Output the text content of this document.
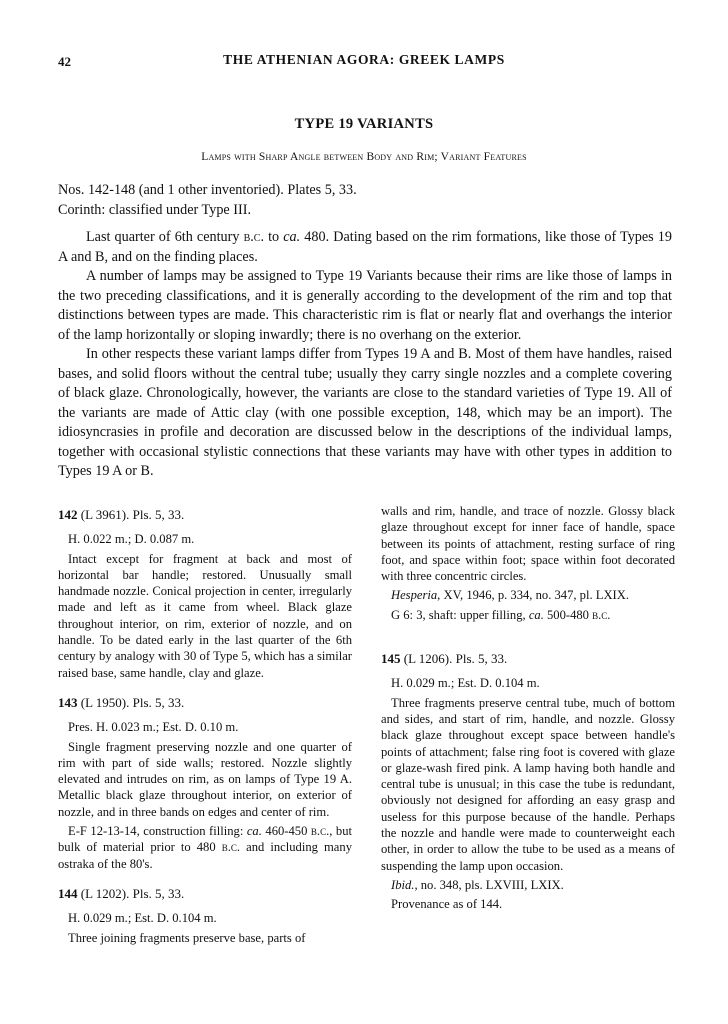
42	THE ATHENIAN AGORA: GREEK LAMPS
TYPE 19 VARIANTS
Lamps with Sharp Angle between Body and Rim; Variant Features

Nos. 142-148 (and 1 other inventoried). Plates 5, 33.

Corinth: classified under Type III.

Last quarter of 6th century b.c. to ca. 480. Dating based on the rim formations, like those of Types 19 A and B, and on the finding places.

A number of lamps may be assigned to Type 19 Variants because their rims are like those of lamps in the two preceding classifications, and it is generally according to the development of the rim and top that distinctions between types are made. This characteristic rim is flat or nearly flat and overhangs the interior of the lamp horizontally or sloping inwardly; there is no overhang on the exterior.

In other respects these variant lamps differ from Types 19 A and B. Most of them have handles, raised bases, and solid floors without the central tube; usually they carry single nozzles and a complete covering of black glaze. Chronologically, however, the variants are close to the standard varieties of Type 19. All of the variants are made of Attic clay (with one possible exception, 148, which may be an import). The idiosyncrasies in profile and decoration are discussed below in the descriptions of the individual lamps, together with occasional stylistic connections that these variants may have with other types in addition to Types 19 A or B.

142 (L 3961). Pls. 5, 33.

H. 0.022 m.; D. 0.087 m.

Intact except for fragment at back and most of horizontal bar handle; restored. Unusually small handmade nozzle. Conical projection in center, irregularly made and left as it came from wheel. Black glaze throughout interior, on rim, exterior of nozzle, and on handle. To be dated early in the last quarter of the 6th century by analogy with 30 of Type 5, which has a similar raised base, same handle, clay and glaze.

143 (L 1950). Pls. 5, 33.

Pres. H. 0.023 m.; Est. D. 0.10 m.

Single fragment preserving nozzle and one quarter of rim with part of side walls; restored. Nozzle slightly elevated and intrudes on rim, as on lamps of Type 19 A. Metallic black glaze throughout interior, on exterior of nozzle, and in three bands on edges and center of rim.

E-F 12-13-14, construction filling: ca. 460-450 b.c., but bulk of material prior to 480 b.c. and including many ostraka of the 80's.

144 (L 1202). Pls. 5, 33.

H. 0.029 m.; Est. D. 0.104 m.

Three joining fragments preserve base, parts of

walls and rim, handle, and trace of nozzle. Glossy black glaze throughout except for inner face of handle, space between its points of attachment, resting surface of ring foot, and space within foot; space within foot decorated with three concentric circles.

Hesperia, XV, 1946, p. 334, no. 347, pl. LXIX.

G 6: 3, shaft: upper filling, ca. 500-480 b.c.

145 (L 1206). Pls. 5, 33.

H. 0.029 m.; Est. D. 0.104 m.

Three fragments preserve central tube, much of bottom and sides, and start of rim, handle, and nozzle. Glossy black glaze throughout except space between handle's points of attachment; false ring foot is covered with glaze or glaze-wash fired pink. A lamp having both handle and central tube is unusual; in this case the tube is redundant, obviously not designed for affording an easy grasp and useless for this purpose because of the handle. Perhaps the nozzle and handle were made to counterweight each other, in order to allow the tube to be used as a means of suspending the lamp upon occasion.

Ibid., no. 348, pls. LXVIII, LXIX.

Provenance as of 144.
